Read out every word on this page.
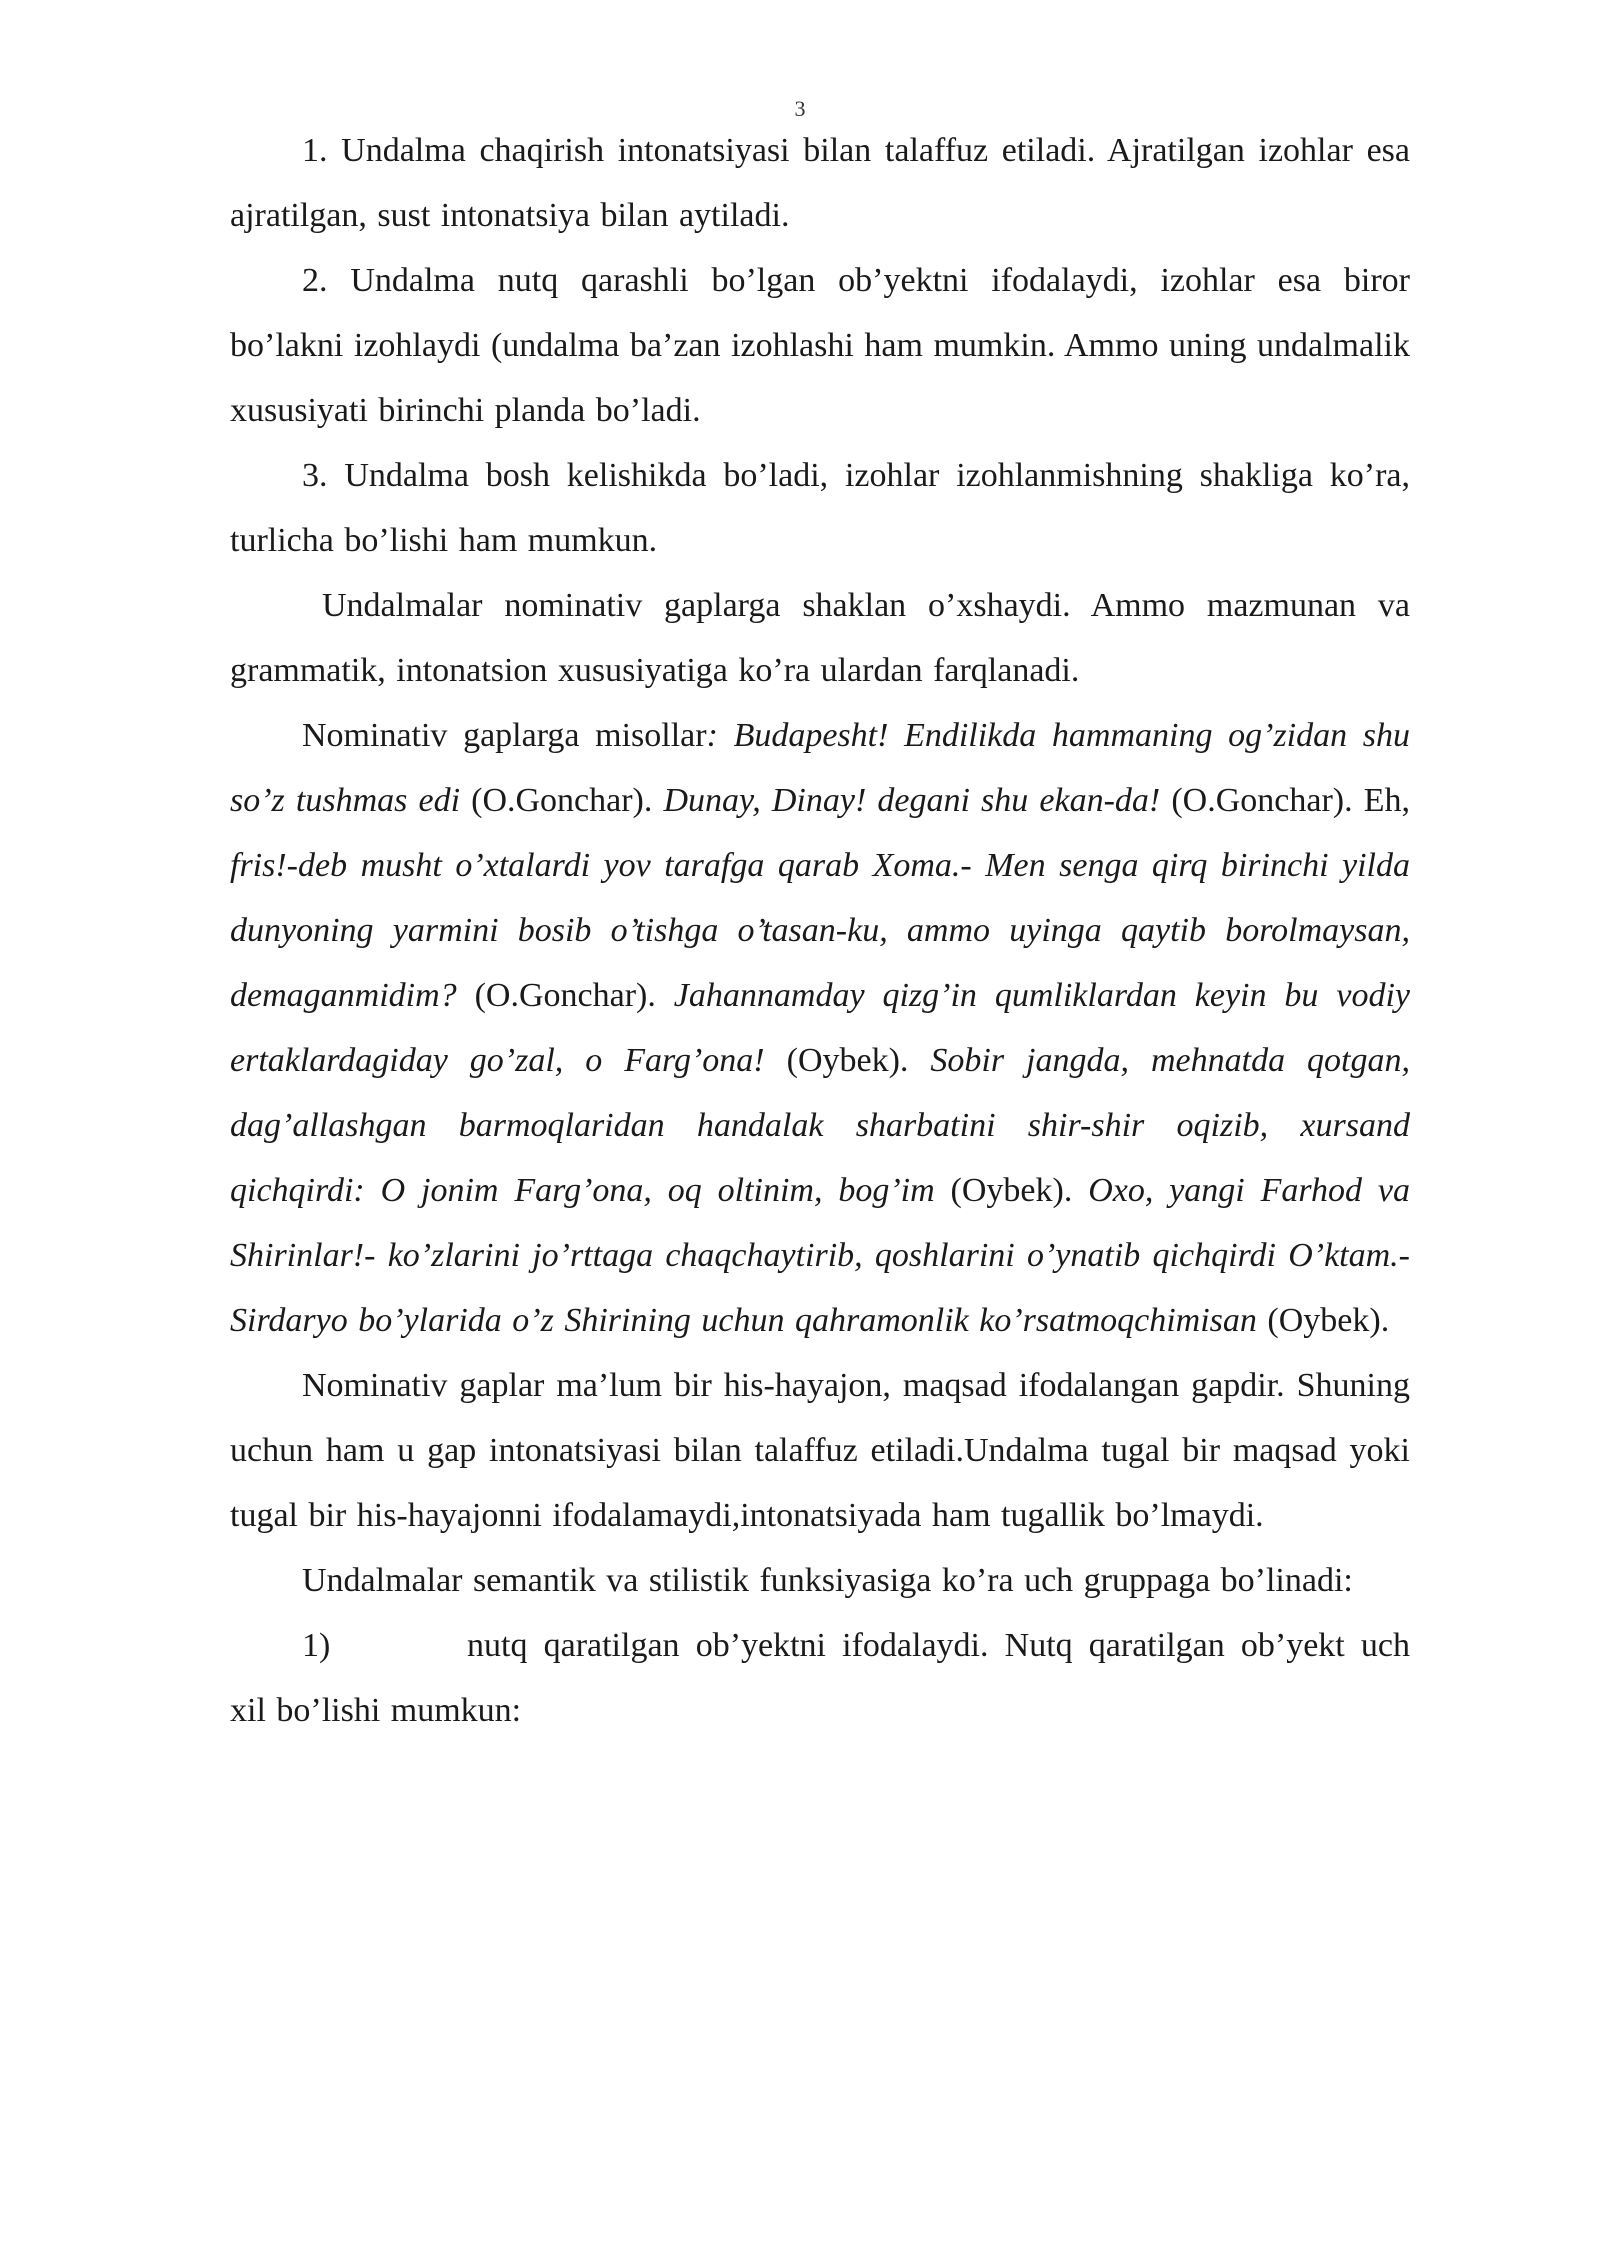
3

1. Undalma chaqirish intonatsiyasi bilan talaffuz etiladi. Ajratilgan izohlar esa ajratilgan, sust intonatsiya bilan aytiladi.

2. Undalma nutq qarashli bo’lgan ob’yektni ifodalaydi, izohlar esa biror bo’lakni izohlaydi (undalma ba’zan izohlashi ham mumkin. Ammo uning undalmalik xususiyati birinchi planda bo’ladi.

3. Undalma bosh kelishikda bo’ladi, izohlar izohlanmishning shakliga ko’ra, turlicha bo’lishi ham mumkun.

Undalmalar nominativ gaplarga shaklan o’xshaydi. Ammo mazmunan va grammatik, intonatsion xususiyatiga ko’ra ulardan farqlanadi.

Nominativ gaplarga misollar: Budapesht! Endilikda hammaning og’zidan shu so’z tushmas edi (O.Gonchar). Dunay, Dinay! degani shu ekan-da! (O.Gonchar). Eh, fris!-deb musht o’xtalardi yov tarafga qarab Xoma.- Men senga qirq birinchi yilda dunyoning yarmini bosib o’tishga o’tasan-ku, ammo uyinga qaytib borolmaysan, demaganmidim? (O.Gonchar). Jahannamday qizg’in qumliklardan keyin bu vodiy ertaklardagiday go’zal, o Farg’ona! (Oybek). Sobir jangda, mehnatda qotgan, dag’allashgan barmoqlaridan handalak sharbatini shir-shir oqizib, xursand qichqirdi: O jonim Farg’ona, oq oltinim, bog’im (Oybek). Oxo, yangi Farhod va Shirinlar!- ko’zlarini jo’rttaga chaqchaytirib, qoshlarini o’ynatib qichqirdi O’ktam.-Sirdaryo bo’ylarida o’z Shirining uchun qahramonlik ko’rsatmoqchimisan (Oybek).

Nominativ gaplar ma’lum bir his-hayajon, maqsad ifodalangan gapdir. Shuning uchun ham u gap intonatsiyasi bilan talaffuz etiladi.Undalma tugal bir maqsad yoki tugal bir his-hayajonni ifodalamaydi,intonatsiyada ham tugallik bo’lmaydi.

Undalmalar semantik va stilistik funksiyasiga ko’ra uch gruppaga bo’linadi:

1)	nutq qaratilgan ob’yektni ifodalaydi. Nutq qaratilgan ob’yekt uch xil bo’lishi mumkun:
